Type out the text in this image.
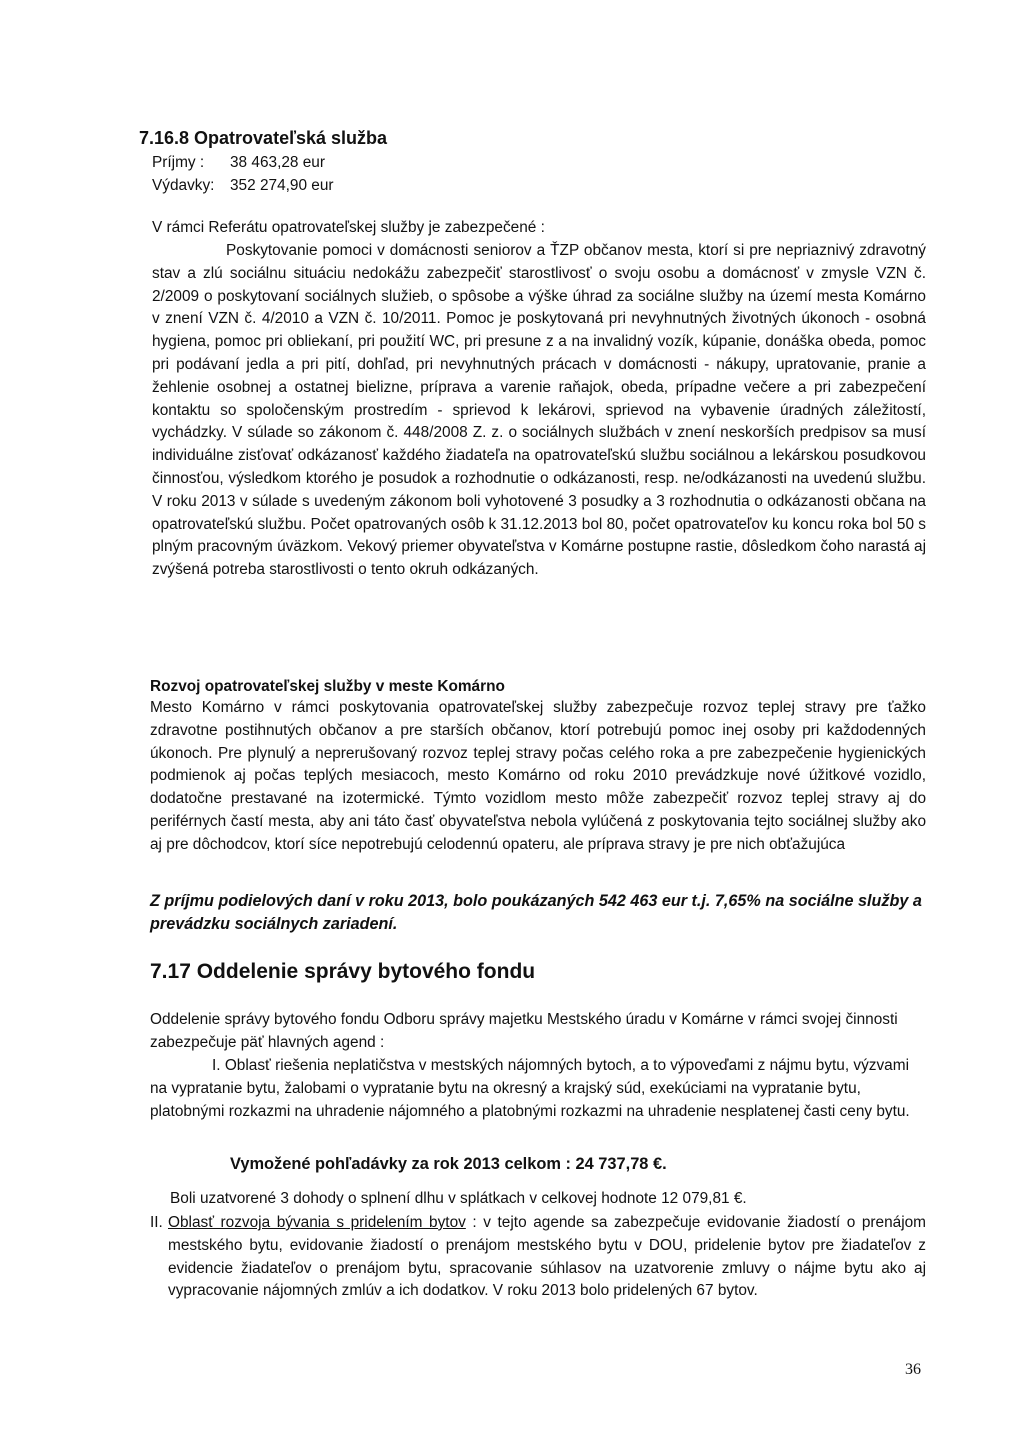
7.16.8 Opatrovateľská služba
Príjmy : 38 463,28 eur
Výdavky: 352 274,90 eur
V rámci Referátu opatrovateľskej služby je zabezpečené :

Poskytovanie pomoci v domácnosti seniorov a ŤZP občanov mesta, ktorí si pre nepriaznivý zdravotný stav a zlú sociálnu situáciu nedokážu zabezpečiť starostlivosť o svoju osobu a domácnosť v zmysle VZN č. 2/2009 o poskytovaní sociálnych služieb, o spôsobe a výške úhrad za sociálne služby na území mesta Komárno v znení VZN č. 4/2010 a VZN č. 10/2011. Pomoc je poskytovaná pri nevyhnutných životných úkonoch - osobná hygiena, pomoc pri obliekaní, pri použití WC, pri presune z a na invalidný vozík, kúpanie, donáška obeda, pomoc pri podávaní jedla a pri pití, dohľad, pri nevyhnutných prácach v domácnosti - nákupy, upratovanie, pranie a žehlenie osobnej a ostatnej bielizne, príprava a varenie raňajok, obeda, prípadne večere a pri zabezpečení kontaktu so spoločenským prostredím - sprievod k lekárovi, sprievod na vybavenie úradných záležitostí, vychádzky. V súlade so zákonom č. 448/2008 Z. z. o sociálnych službách v znení neskorších predpisov sa musí individuálne zisťovať odkázanosť každého žiadateľa na opatrovateľskú službu sociálnou a lekárskou posudkovou činnosťou, výsledkom ktorého je posudok a rozhodnutie o odkázanosti, resp. ne/odkázanosti na uvedenú službu. V roku 2013 v súlade s uvedeným zákonom boli vyhotovené 3 posudky a 3 rozhodnutia o odkázanosti občana na opatrovateľskú službu. Počet opatrovaných osôb k 31.12.2013 bol 80, počet opatrovateľov ku koncu roka bol 50 s plným pracovným úväzkom. Vekový priemer obyvateľstva v Komárne postupne rastie, dôsledkom čoho narastá aj zvýšená potreba starostlivosti o tento okruh odkázaných.

Rozvoj opatrovateľskej služby v meste Komárno

Mesto Komárno v rámci poskytovania opatrovateľskej služby zabezpečuje rozvoz teplej stravy pre ťažko zdravotne postihnutých občanov a pre starších občanov, ktorí potrebujú pomoc inej osoby pri každodenných úkonoch. Pre plynulý a neprerušovaný rozvoz teplej stravy počas celého roka a pre zabezpečenie hygienických podmienok aj počas teplých mesiacoch, mesto Komárno od roku 2010 prevádzkuje nové úžitkové vozidlo, dodatočne prestavané na izotermické. Týmto vozidlom mesto môže zabezpečiť rozvoz teplej stravy aj do periférnych častí mesta, aby ani táto časť obyvateľstva nebola vylúčená z poskytovania tejto sociálnej služby ako aj pre dôchodcov, ktorí síce nepotrebujú celodennú opateru, ale príprava stravy je pre nich obťažujúca

Z príjmu podielových daní v roku 2013, bolo poukázaných 542 463 eur t.j. 7,65% na sociálne služby a prevádzku sociálnych zariadení.

7.17 Oddelenie správy bytového fondu

Oddelenie správy bytového fondu Odboru správy majetku Mestského úradu v Komárne v rámci svojej činnosti zabezpečuje päť hlavných agend :

I. Oblasť riešenia neplatičstva v mestských nájomných bytoch, a to výpoveďami z nájmu bytu, výzvami na vypratanie bytu, žalobami o vypratanie bytu na okresný a krajský súd, exekúciami na vypratanie bytu, platobnými rozkazmi na uhradenie nájomného a platobnými rozkazmi na uhradenie nesplatenej časti ceny bytu.

Vymožené pohľadávky za rok 2013 celkom : 24 737,78 €.
Boli uzatvorené 3 dohody o splnení dlhu v splátkach v celkovej hodnote 12 079,81 €.
II. Oblasť rozvoja bývania s pridelením bytov : v tejto agende sa zabezpečuje evidovanie žiadostí o prenájom mestského bytu, evidovanie žiadostí o prenájom mestského bytu v DOU, pridelenie bytov pre žiadateľov z evidencie žiadateľov o prenájom bytu, spracovanie súhlasov na uzatvorenie zmluvy o nájme bytu ako aj vypracovanie nájomných zmlúv a ich dodatkov. V roku 2013 bolo pridelených 67 bytov.

36
